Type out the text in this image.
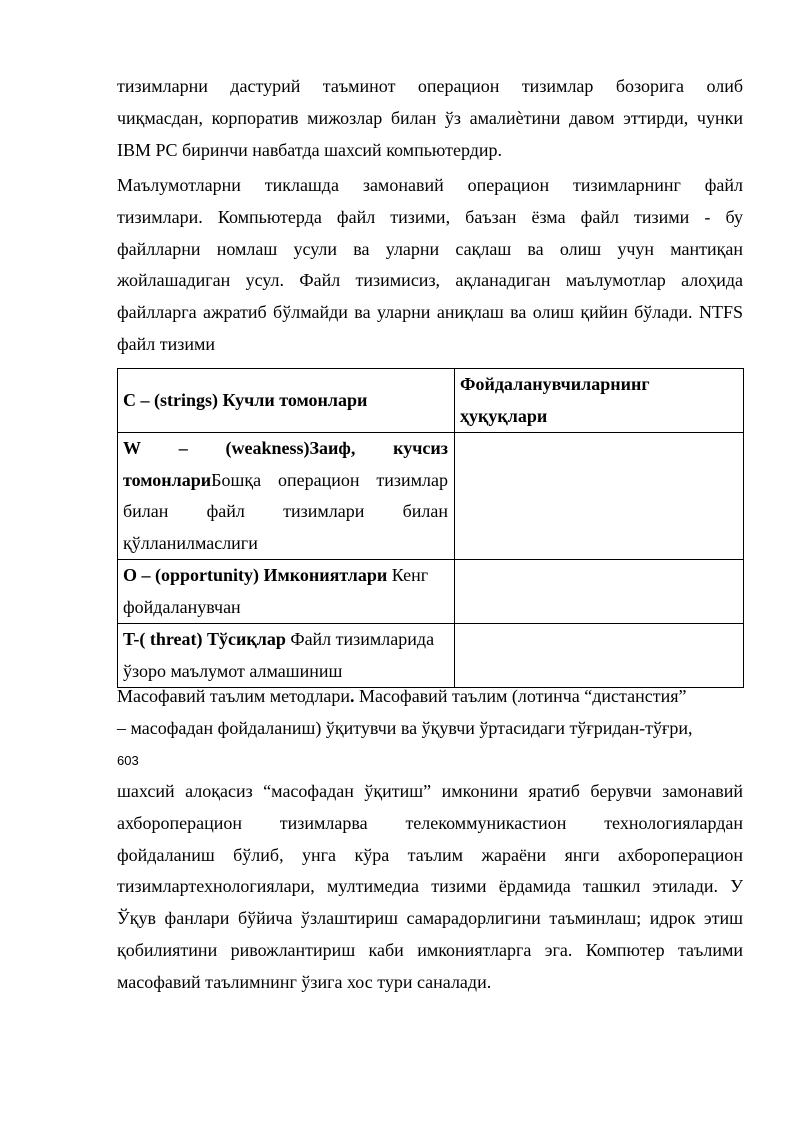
тизимларни дастурий таъминот операцион тизимлар бозорига олиб
чиқмасдан, корпоратив мижозлар билан ўз амалиѐтини давом эттирди, чунки
IBM PC биринчи навбатда шахсий компьютердир.
Маълумотларни тиклашда замонавий операцион тизимларнинг файл
тизимлари. Компьютерда файл тизими, баъзан ёзма файл тизими - бу
файлларни номлаш усули ва уларни сақлаш ва олиш учун мантиқан
жойлашадиган усул. Файл тизимисиз, ақланадиган маълумотлар алоҳида
файлларга ажратиб бўлмайди ва уларни аниқлаш ва олиш қийин бўлади. NTFS
файл тизими
C – (strings) Кучли томонлари	Фойдаланувчиларнинг
ҳуқуқлари

W – (weakness)Заиф, кучсиз
томонлариБошқа операцион тизимлар
билан файл тизимлари билан
қўлланилмаслиги	

O – (opportunity) Имкониятлари Кенг
фойдаланувчан	

T-( threat) Тўсиқлар Файл тизимларида
ўзоро маълумот алмашиниш	

Масофавий таълим методлари. Масофавий таълим (лотинча “дистанстия”
– масофадан фойдаланиш) ўқитувчи ва ўқувчи ўртасидаги тўғридан-тўғри,
603
шахсий алоқасиз “масофадан ўқитиш” имконини яратиб берувчи замонавий
ахбороперацион тизимларва телекоммуникастион технологиялардан
фойдаланиш бўлиб, унга кўра таълим жараёни янги ахбороперацион
тизимлартехнологиялари, мултимедиа тизими ёрдамида ташкил этилади. У
Ўқув фанлари бўйича ўзлаштириш самарадорлигини таъминлаш; идрок этиш
қобилиятини ривожлантириш каби имкониятларга эга. Компютер таълими
масофавий таълимнинг ўзига хос тури саналади.
